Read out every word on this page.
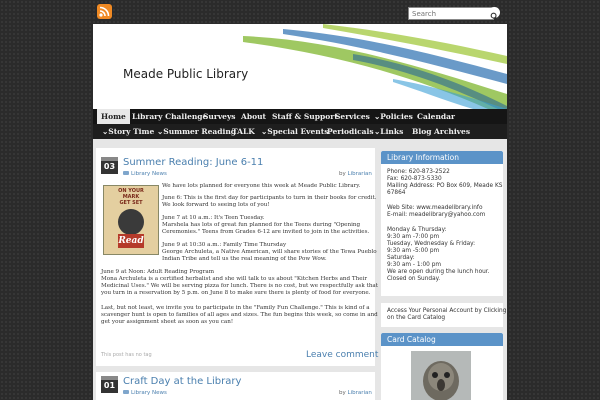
Search
Meade Public Library
Home Library Challenge
Surveys About Staff & Support
Services ⌄Policies Calendar
⌄Story Time ⌄Summer Reading
TALK ⌄Special Events
Periodicals ⌄Links Blog Archives
03 Summer Reading: June 6-11
Library News	by Librarian
ON YOUR
MARK
GET SET
Read
We have lots planned for everyone this week at Meade Public Library.
June 6: This is the first day for participants to turn in their books for credit.
We look forward to seeing lots of you!
June 7 at 10 a.m.: It's Teen Tuesday.
Marshela has lots of great fun planned for the Teens during "Opening
Ceremonies." Teens from Grades 6-12 are invited to join in the activities.
June 9 at 10:30 a.m.: Family Time Thursday
George Archuleta, a Native American, will share stories of the Tewa Pueblo
Indian Tribe and tell us the real meaning of the Pow Wow.
June 9 at Noon: Adult Reading Program
Mona Archuleta is a certified herbalist and she will talk to us about "Kitchen Herbs and Their
Medicinal Uses." We will be serving pizza for lunch. There is no cost, but we respectfully ask that
you turn in a reservation by 5 p.m. on June 8 to make sure there is plenty of food for everyone.
Last, but not least, we invite you to participate in the "Family Fun Challenge." This is kind of a
scavenger hunt is open to families of all ages and sizes. The fun begins this week, so come in and
get your assignment sheet as soon as you can!
This post has no tag	Leave comment
01 Craft Day at the Library
Library News	by Librarian
Library Information
Phone: 620-873-2522
Fax: 620-873-5330
Mailing Address: PO Box 609, Meade KS
67864
Web Site: www.meadelibrary.info
E-mail: meadelibrary@yahoo.com
Monday & Thursday:
9:30 am -7:00 pm
Tuesday, Wednesday & Friday:
9:30 am -5:00 pm
Saturday:
9:30 am - 1:00 pm
We are open during the lunch hour.
Closed on Sunday.
Access Your Personal Account by Clicking
on the Card Catalog
Card Catalog
